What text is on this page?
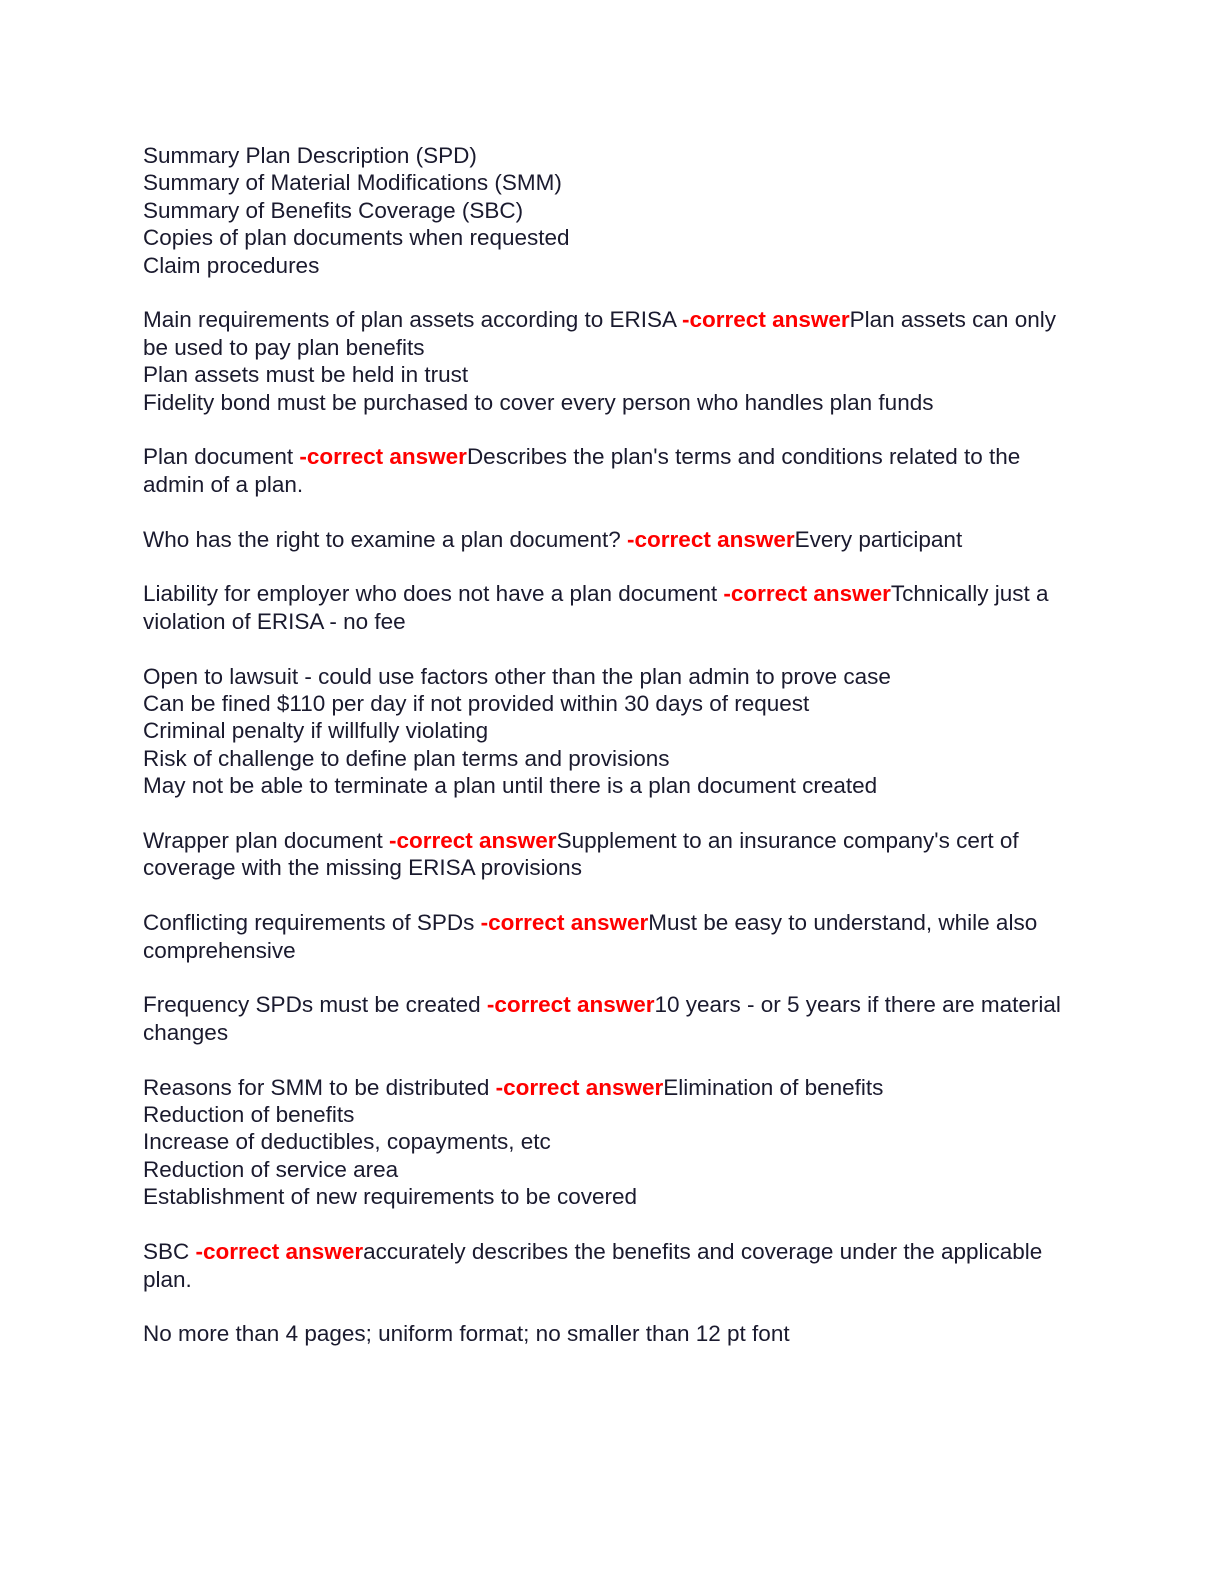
Summary Plan Description (SPD)
Summary of Material Modifications (SMM)
Summary of Benefits Coverage (SBC)
Copies of plan documents when requested
Claim procedures
Main requirements of plan assets according to ERISA -correct answerPlan assets can only be used to pay plan benefits
Plan assets must be held in trust
Fidelity bond must be purchased to cover every person who handles plan funds
Plan document -correct answerDescribes the plan's terms and conditions related to the admin of a plan.
Who has the right to examine a plan document? -correct answerEvery participant
Liability for employer who does not have a plan document -correct answerTchnically just a violation of ERISA - no fee
Open to lawsuit - could use factors other than the plan admin to prove case
Can be fined $110 per day if not provided within 30 days of request
Criminal penalty if willfully violating
Risk of challenge to define plan terms and provisions
May not be able to terminate a plan until there is a plan document created
Wrapper plan document -correct answerSupplement to an insurance company's cert of coverage with the missing ERISA provisions
Conflicting requirements of SPDs -correct answerMust be easy to understand, while also comprehensive
Frequency SPDs must be created -correct answer10 years - or 5 years if there are material changes
Reasons for SMM to be distributed -correct answerElimination of benefits
Reduction of benefits
Increase of deductibles, copayments, etc
Reduction of service area
Establishment of new requirements to be covered
SBC -correct answeraccurately describes the benefits and coverage under the applicable plan.
No more than 4 pages; uniform format; no smaller than 12 pt font
